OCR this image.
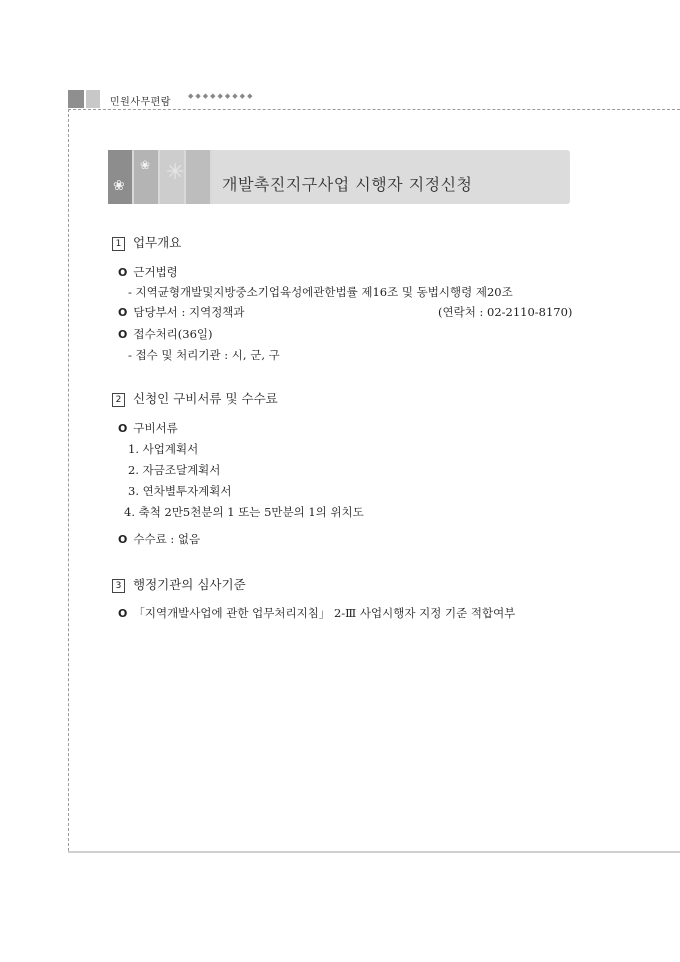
민원사무편람
◆◆◆◆◆◆◆◆◆
❀
❀ ✳ 개발촉진지구사업 시행자 지정신청
1 업무개요
O 근거법령
- 지역균형개발및지방중소기업육성에관한법률 제16조 및 동법시행령 제20조
O 담당부서 : 지역정책과	(연락처 : 02-2110-8170)
O 접수처리(36일)
- 접수 및 처리기관 : 시, 군, 구
2 신청인 구비서류 및 수수료
O 구비서류
1. 사업계획서
2. 자금조달계획서
3. 연차별투자계획서
4. 축척 2만5천분의 1 또는 5만분의 1의 위치도
O 수수료 : 없음
3 행정기관의 심사기준
O 「지역개발사업에 관한 업무처리지침」 2-Ⅲ 사업시행자 지정 기준 적합여부
